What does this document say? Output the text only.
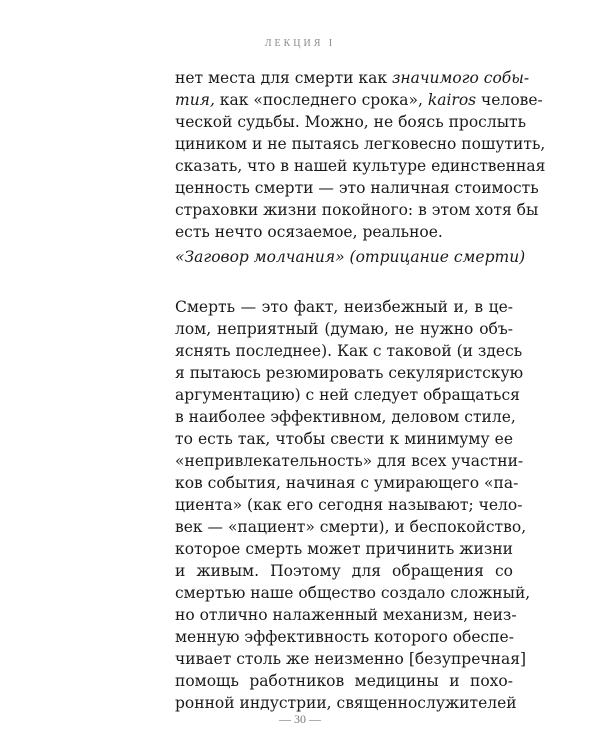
ЛЕКЦИЯ I
нет места для смерти как значимого собы-
тия, как «последнего срока», kairos челове-
ческой судьбы. Можно, не боясь прослыть
циником и не пытаясь легковесно пошутить,
сказать, что в нашей культуре единственная
ценность смерти — это наличная стоимость
страховки жизни покойного: в этом хотя бы
есть нечто осязаемое, реальное.
«Заговор молчания» (отрицание смерти)
Смерть — это факт, неизбежный и, в це-
лом, неприятный (думаю, не нужно объ-
яснять последнее). Как с таковой (и здесь
я пытаюсь резюмировать секуляристскую
аргументацию) с ней следует обращаться
в наиболее эффективном, деловом стиле,
то есть так, чтобы свести к минимуму ее
«непривлекательность» для всех участни-
ков события, начиная с умирающего «па-
циента» (как его сегодня называют; чело-
век — «пациент» смерти), и беспокойство,
которое смерть может причинить жизни
и живым. Поэтому для обращения со
смертью наше общество создало сложный,
но отлично налаженный механизм, неиз-
менную эффективность которого обеспе-
чивает столь же неизменно [безупречная]
помощь работников медицины и похо-
ронной индустрии, священнослужителей
— 30 —
